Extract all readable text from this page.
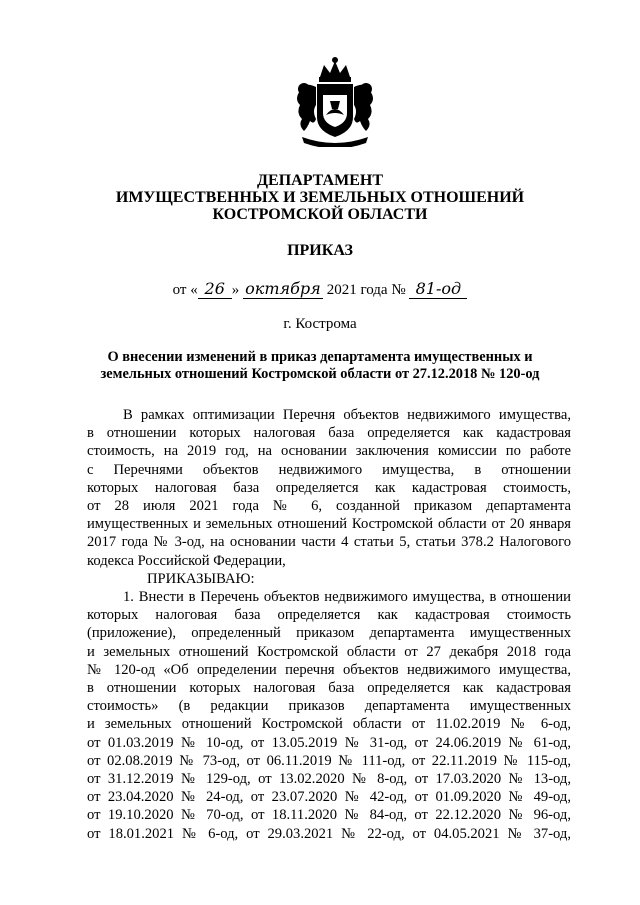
ДЕПАРТАМЕНТ
ИМУЩЕСТВЕННЫХ И ЗЕМЕЛЬНЫХ ОТНОШЕНИЙ
КОСТРОМСКОЙ ОБЛАСТИ
ПРИКАЗ
от « 26 » октября 2021 года № 81-од
г. Кострома
О внесении изменений в приказ департамента имущественных и
земельных отношений Костромской области от 27.12.2018 № 120-од

В рамках оптимизации Перечня объектов недвижимого имущества,

в отношении которых налоговая база определяется как кадастровая

стоимость, на 2019 год, на основании заключения комиссии по работе

с Перечнями объектов недвижимого имущества, в отношении

которых налоговая база определяется как кадастровая стоимость,

от 28 июля 2021 года № 6, созданной приказом департамента

имущественных и земельных отношений Костромской области от 20 января

2017 года № 3-од, на основании части 4 статьи 5, статьи 378.2 Налогового

кодекса Российской Федерации,

ПРИКАЗЫВАЮ:

1. Внести в Перечень объектов недвижимого имущества, в отношении

которых налоговая база определяется как кадастровая стоимость

(приложение), определенный приказом департамента имущественных

и земельных отношений Костромской области от 27 декабря 2018 года

№ 120-од «Об определении перечня объектов недвижимого имущества,

в отношении которых налоговая база определяется как кадастровая

стоимость» (в редакции приказов департамента имущественных

и земельных отношений Костромской области от 11.02.2019 № 6-од,

от 01.03.2019 № 10-од, от 13.05.2019 № 31-од, от 24.06.2019 № 61-од,

от 02.08.2019 № 73-од, от 06.11.2019 № 111-од, от 22.11.2019 № 115-од,

от 31.12.2019 № 129-од, от 13.02.2020 № 8-од, от 17.03.2020 № 13-од,

от 23.04.2020 № 24-од, от 23.07.2020 № 42-од, от 01.09.2020 № 49-од,

от 19.10.2020 № 70-од, от 18.11.2020 № 84-од, от 22.12.2020 № 96-од,

от 18.01.2021 № 6-од, от 29.03.2021 № 22-од, от 04.05.2021 № 37-од,
